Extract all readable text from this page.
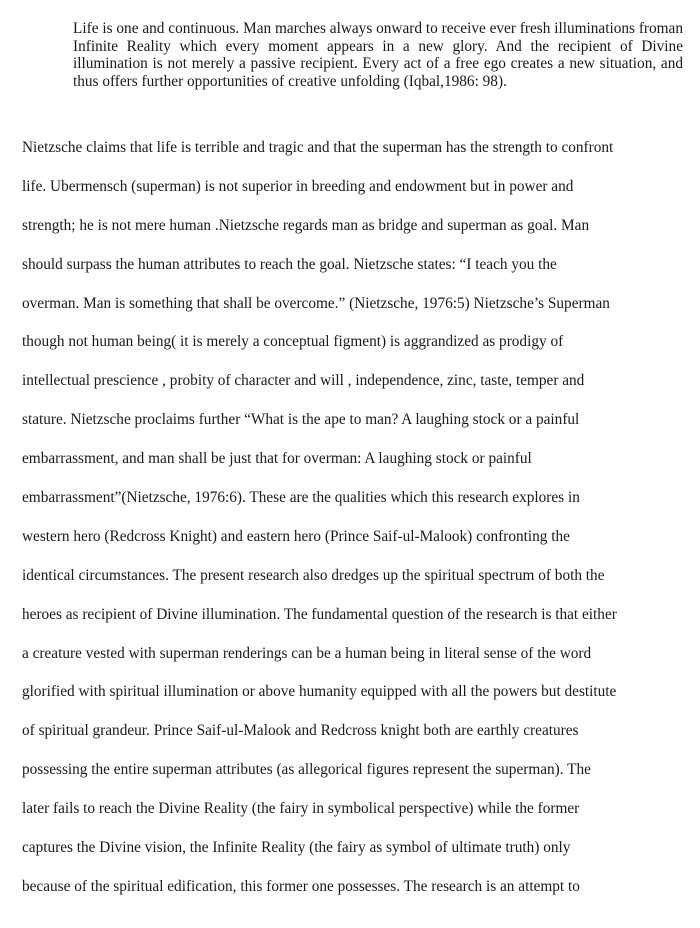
Life is one and continuous. Man marches always onward to receive ever fresh illuminations froman Infinite Reality which every moment appears in a new glory. And the recipient of Divine illumination is not merely a passive recipient. Every act of a free ego creates a new situation, and thus offers further opportunities of creative unfolding (Iqbal,1986: 98).
Nietzsche claims that life is terrible and tragic and that the superman has the strength to confront
life. Ubermensch (superman) is not superior in breeding and endowment but in power and
strength; he is not mere human .Nietzsche regards man as bridge and superman as goal. Man
should surpass the human attributes to reach the goal. Nietzsche states: “I teach you the
overman. Man is something that shall be overcome.” (Nietzsche, 1976:5) Nietzsche’s Superman
though not human being( it is merely a conceptual figment) is aggrandized as prodigy of
intellectual prescience , probity of character and will , independence, zinc, taste, temper and
stature. Nietzsche proclaims further “What is the ape to man? A laughing stock or a painful
embarrassment, and man shall be just that for overman: A laughing stock or painful
embarrassment”(Nietzsche, 1976:6). These are the qualities which this research explores in
western hero (Redcross Knight) and eastern hero (Prince Saif-ul-Malook) confronting the
identical circumstances. The present research also dredges up the spiritual spectrum of both the
heroes as recipient of Divine illumination. The fundamental question of the research is that either
a creature vested with superman renderings can be a human being in literal sense of the word
glorified with spiritual illumination or above humanity equipped with all the powers but destitute
of spiritual grandeur. Prince Saif-ul-Malook and Redcross knight both are earthly creatures
possessing the entire superman attributes (as allegorical figures represent the superman). The
later fails to reach the Divine Reality (the fairy in symbolical perspective) while the former
captures the Divine vision, the Infinite Reality (the fairy as symbol of ultimate truth) only
because of the spiritual edification, this former one possesses. The research is an attempt to
